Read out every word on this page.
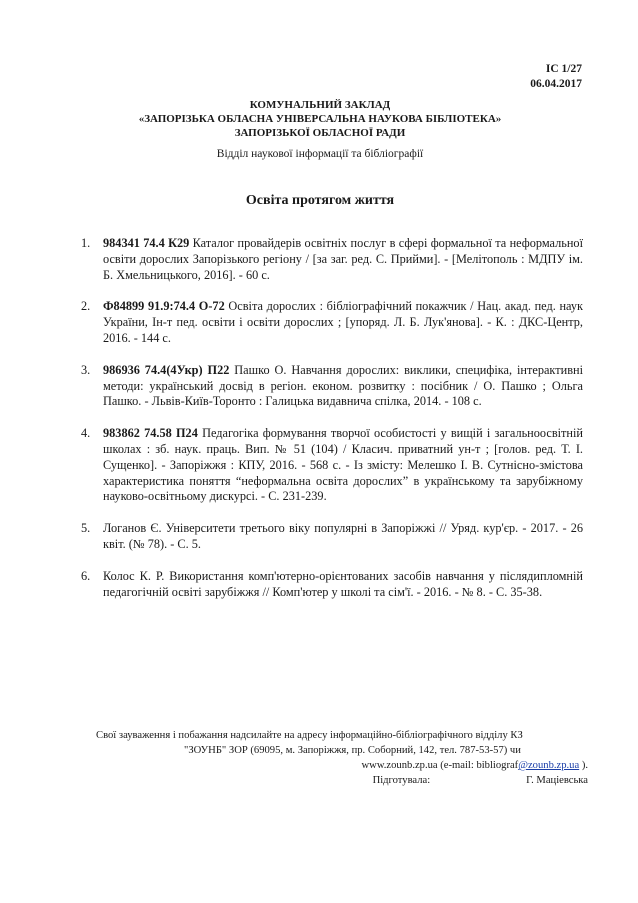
ІС 1/27
06.04.2017
КОМУНАЛЬНИЙ ЗАКЛАД
«ЗАПОРІЗЬКА ОБЛАСНА УНІВЕРСАЛЬНА НАУКОВА БІБЛІОТЕКА»
ЗАПОРІЗЬКОЇ ОБЛАСНОЇ РАДИ
Відділ наукової інформації та бібліографії
Освіта протягом життя
1. 984341 74.4 К29 Каталог провайдерів освітніх послуг в сфері формальної та неформальної освіти дорослих Запорізького регіону / [за заг. ред. С. Прийми]. - [Мелітополь : МДПУ ім. Б. Хмельницького, 2016]. - 60 с.
2. Ф84899 91.9:74.4 О-72 Освіта дорослих : бібліографічний покажчик / Нац. акад. пед. наук України, Ін-т пед. освіти і освіти дорослих ; [упоряд. Л. Б. Лук'янова]. - К. : ДКС-Центр, 2016. - 144 с.
3. 986936 74.4(4Укр) П22 Пашко О. Навчання дорослих: виклики, специфіка, інтерактивні методи: український досвід в регіон. економ. розвитку : посібник / О. Пашко ; Ольга Пашко. - Львів-Київ-Торонто : Галицька видавнича спілка, 2014. - 108 с.
4. 983862 74.58 П24 Педагогіка формування творчої особистості у вищій і загальноосвітній школах : зб. наук. праць. Вип. № 51 (104) / Класич. приватний ун-т ; [голов. ред. Т. І. Сущенко]. - Запоріжжя : КПУ, 2016. - 568 с. - Із змісту: Мелешко І. В. Сутнісно-змістова характеристика поняття “неформальна освіта дорослих” в українському та зарубіжному науково-освітньому дискурсі. - С. 231-239.
5. Логанов Є. Університети третього віку популярні в Запоріжжі // Уряд. кур'єр. - 2017. - 26 квіт. (№ 78). - С. 5.
6. Колос К. Р. Використання комп'ютерно-орієнтованих засобів навчання у післядипломній педагогічній освіті зарубіжжя // Комп'ютер у школі та сім'ї. - 2016. - № 8. - С. 35-38.
Свої зауваження і побажання надсилайте на адресу інформаційно-бібліографічного відділу КЗ
"ЗОУНБ" ЗОР (69095, м. Запоріжжя, пр. Соборний, 142, тел. 787-53-57) чи
www.zounb.zp.ua (e-mail: bibliograf@zounb.zp.ua ).
Підготувала:	Г. Маціевська
